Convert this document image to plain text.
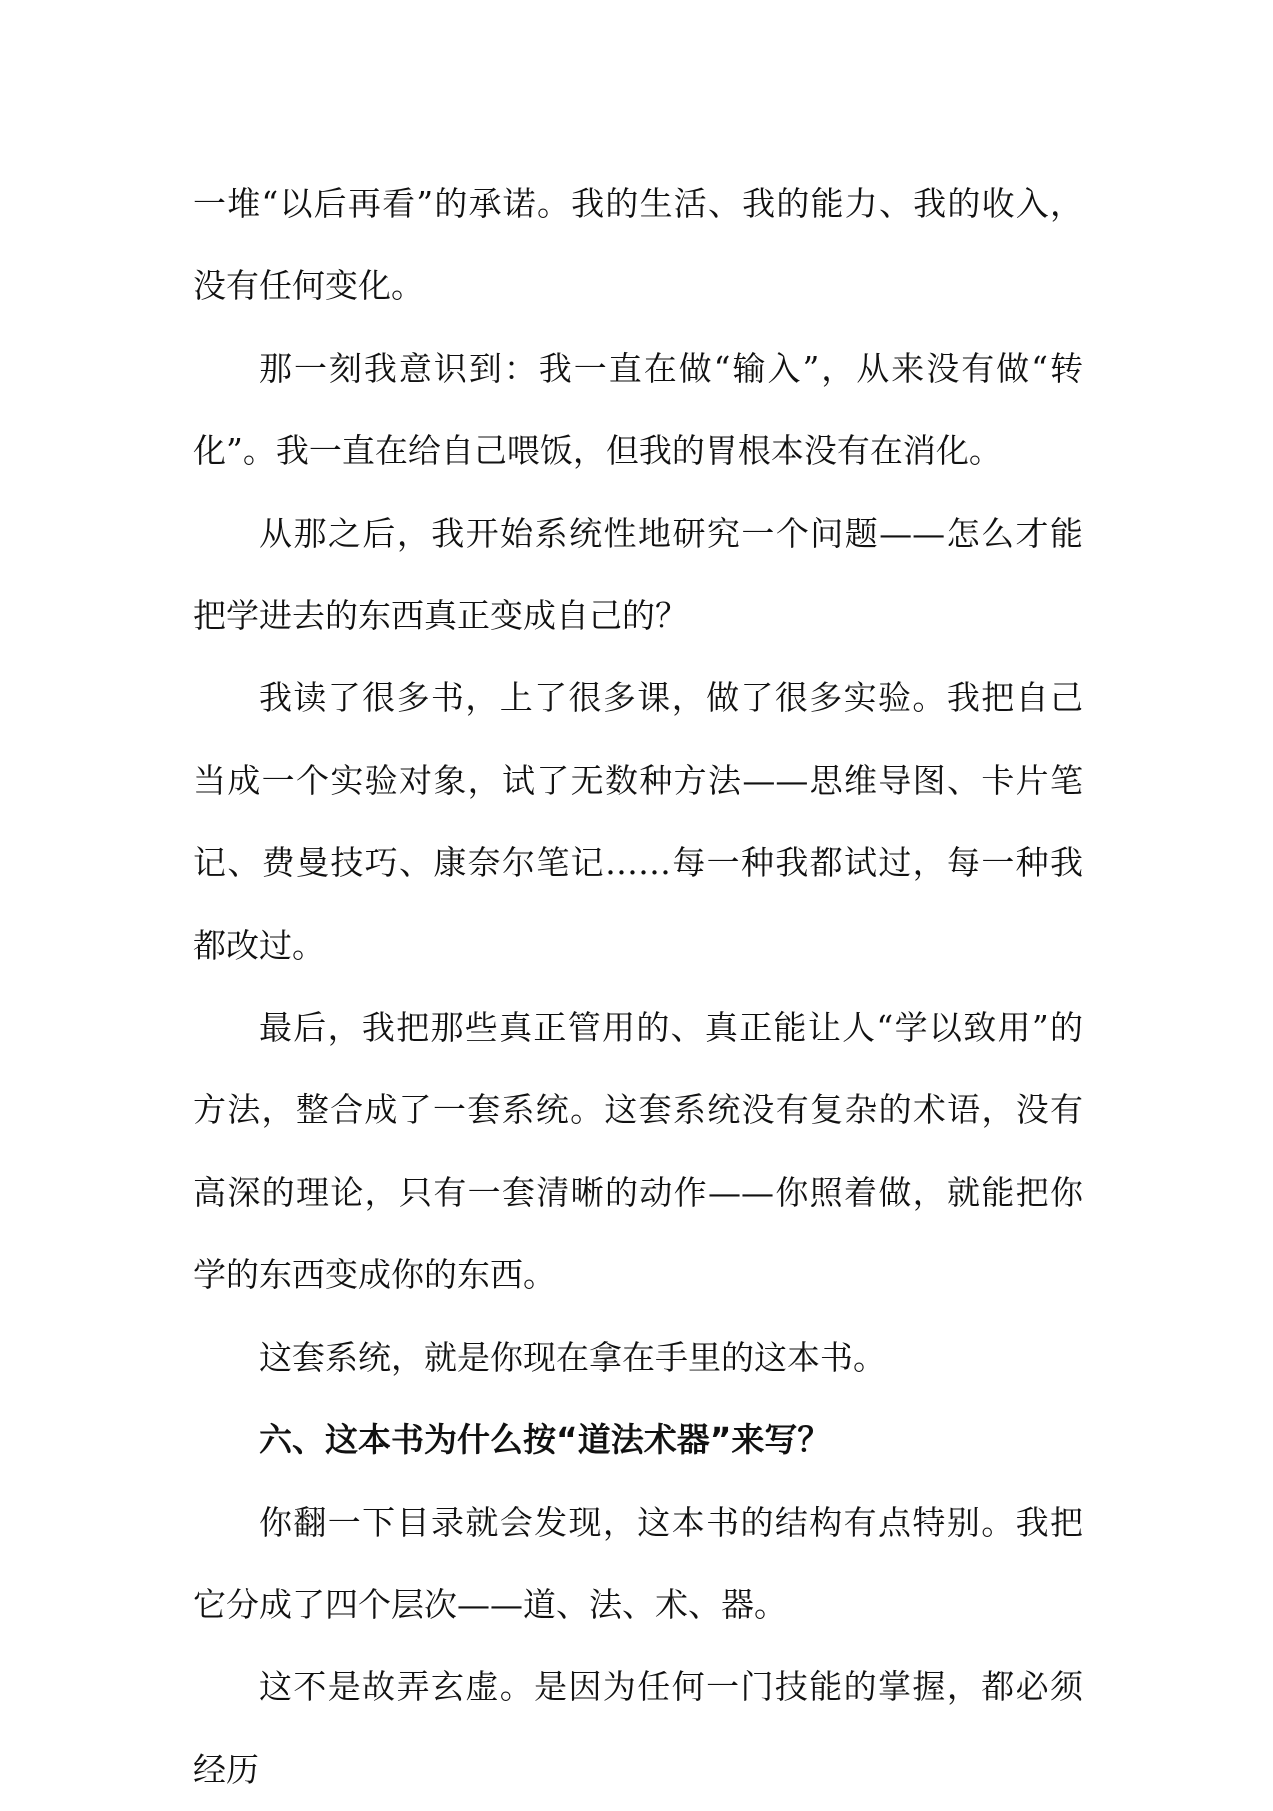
一堆“以后再看”的承诺。我的生活、我的能力、我的收入，没有任何变化。

那一刻我意识到：我一直在做“输入”，从来没有做“转化”。我一直在给自己喂饭，但我的胃根本没有在消化。

从那之后，我开始系统性地研究一个问题——怎么才能把学进去的东西真正变成自己的？

我读了很多书，上了很多课，做了很多实验。我把自己当成一个实验对象，试了无数种方法——思维导图、卡片笔记、费曼技巧、康奈尔笔记……每一种我都试过，每一种我都改过。

最后，我把那些真正管用的、真正能让人“学以致用”的方法，整合成了一套系统。这套系统没有复杂的术语，没有高深的理论，只有一套清晰的动作——你照着做，就能把你学的东西变成你的东西。

这套系统，就是你现在拿在手里的这本书。

六、这本书为什么按“道法术器”来写？

你翻一下目录就会发现，这本书的结构有点特别。我把它分成了四个层次——道、法、术、器。

这不是故弄玄虚。是因为任何一门技能的掌握，都必须经历
